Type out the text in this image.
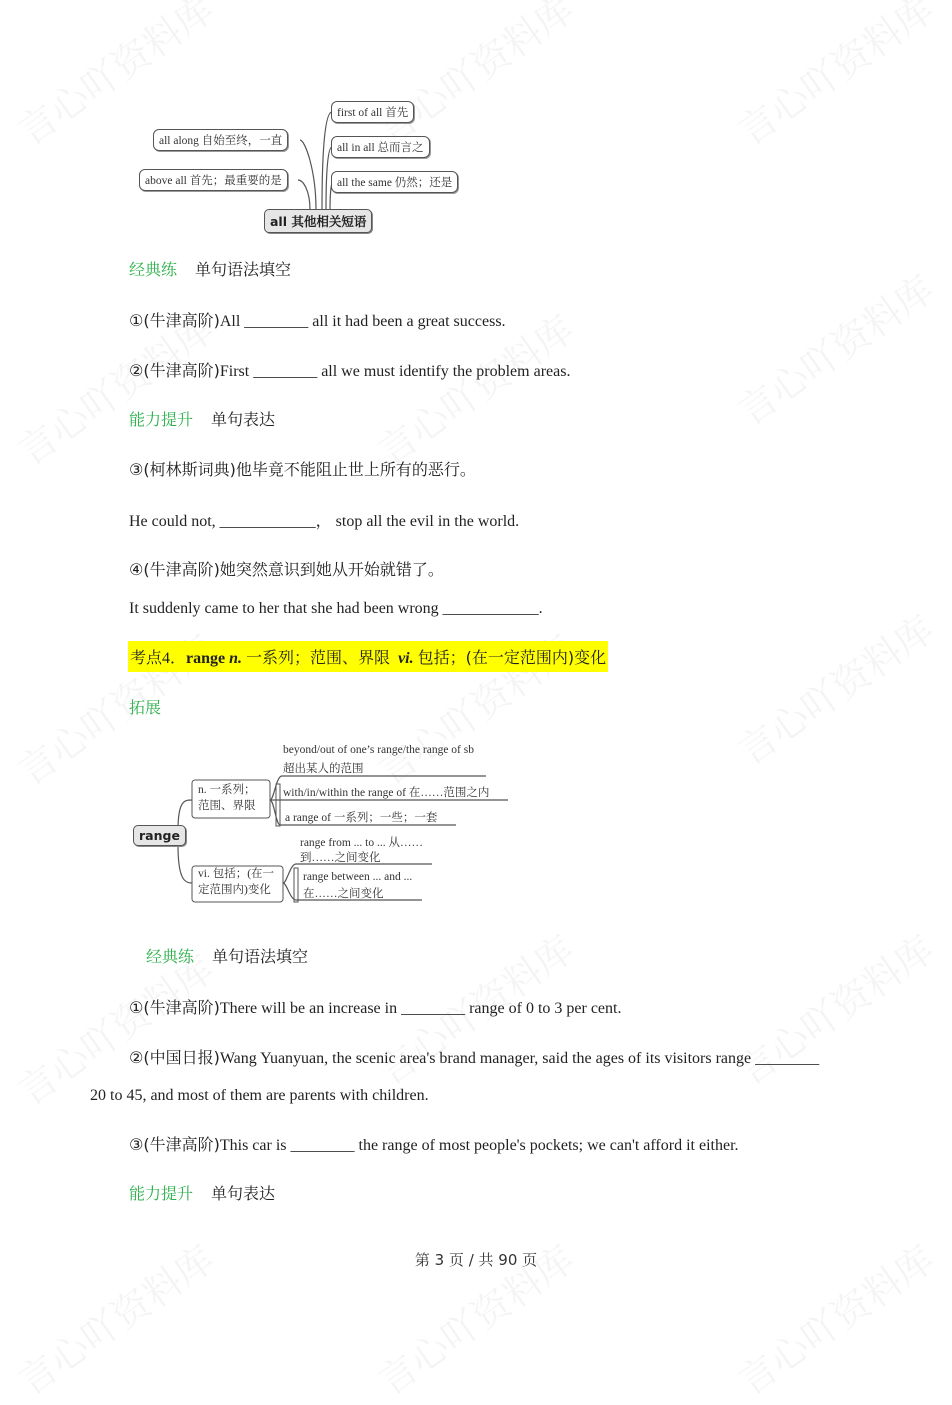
all along 自始至终，一直
above all 首先；最重要的是
first of all 首先
all in all 总而言之
all the same 仍然；还是
all 其他相关短语
经典练 单句语法填空
①(牛津高阶)All ________ all it had been a great success.
②(牛津高阶)First ________ all we must identify the problem areas.
能力提升 单句表达
③(柯林斯词典)他毕竟不能阻止世上所有的恶行。
He could not, ____________， stop all the evil in the world.
④(牛津高阶)她突然意识到她从开始就错了。
It suddenly came to her that she had been wrong ____________.
考点4．range n. 一系列；范围、界限 vi. 包括；(在一定范围内)变化
拓展
range
n. 一系列；
范围、界限
vi. 包括；(在一
定范围内)变化
beyond/out of one’s range/the range of sb
超出某人的范围
with/in/within the range of 在……范围之内
a range of 一系列；一些；一套
range from ... to ... 从……
到……之间变化
range between ... and ...
在……之间变化
经典练 单句语法填空
①(牛津高阶)There will be an increase in ________ range of 0 to 3 per cent.
②(中国日报)Wang Yuanyuan, the scenic area's brand manager, said the ages of its visitors range ________
20 to 45, and most of them are parents with children.
③(牛津高阶)This car is ________ the range of most people's pockets; we can't afford it either.
能力提升 单句表达
第 3 页 / 共 90 页
